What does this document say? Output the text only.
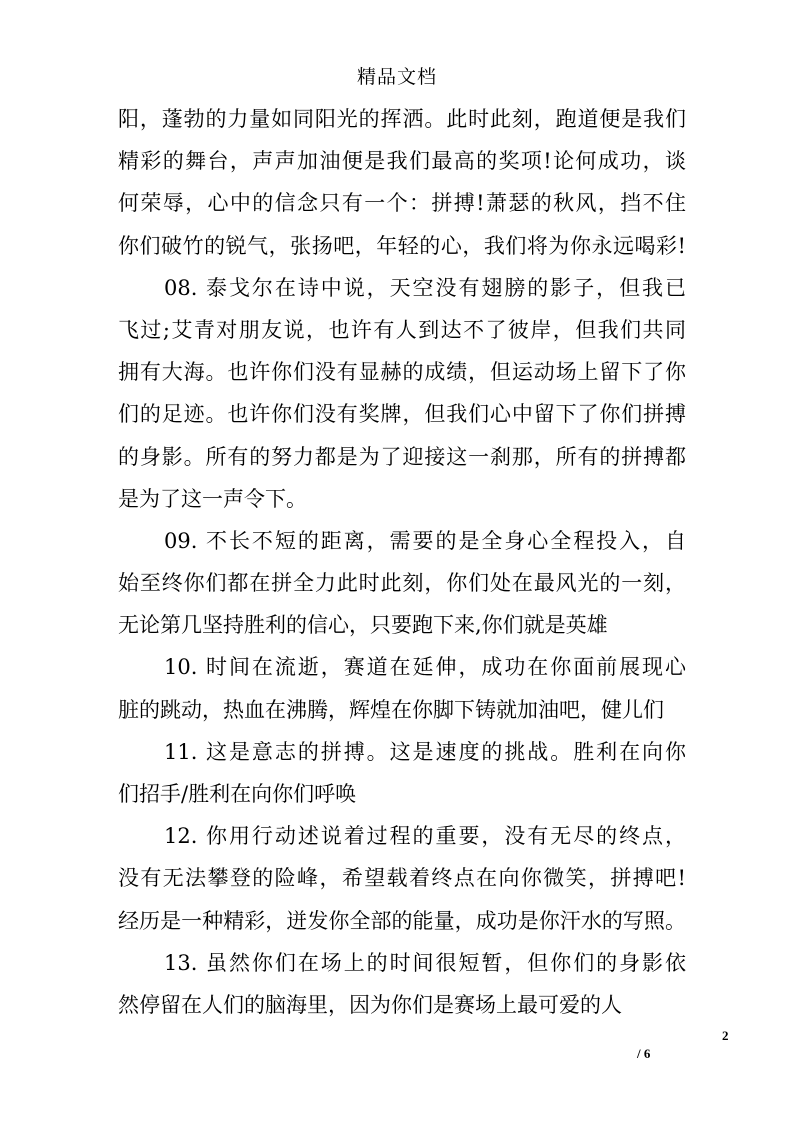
精品文档
阳，蓬勃的力量如同阳光的挥洒。此时此刻，跑道便是我们
精彩的舞台，声声加油便是我们最高的奖项!论何成功，谈
何荣辱，心中的信念只有一个：拼搏!萧瑟的秋风，挡不住
你们破竹的锐气，张扬吧，年轻的心，我们将为你永远喝彩!
08. 泰戈尔在诗中说，天空没有翅膀的影子，但我已
飞过;艾青对朋友说，也许有人到达不了彼岸，但我们共同
拥有大海。也许你们没有显赫的成绩，但运动场上留下了你
们的足迹。也许你们没有奖牌，但我们心中留下了你们拼搏
的身影。所有的努力都是为了迎接这一刹那，所有的拼搏都
是为了这一声令下。
09. 不长不短的距离，需要的是全身心全程投入，自
始至终你们都在拼全力此时此刻，你们处在最风光的一刻，
无论第几坚持胜利的信心，只要跑下来,你们就是英雄
10. 时间在流逝，赛道在延伸，成功在你面前展现心
脏的跳动，热血在沸腾，辉煌在你脚下铸就加油吧，健儿们
11. 这是意志的拼搏。这是速度的挑战。胜利在向你
们招手/胜利在向你们呼唤
12. 你用行动述说着过程的重要，没有无尽的终点，
没有无法攀登的险峰，希望载着终点在向你微笑，拼搏吧!
经历是一种精彩，迸发你全部的能量，成功是你汗水的写照。
13. 虽然你们在场上的时间很短暂，但你们的身影依
然停留在人们的脑海里，因为你们是赛场上最可爱的人
2
/ 6
